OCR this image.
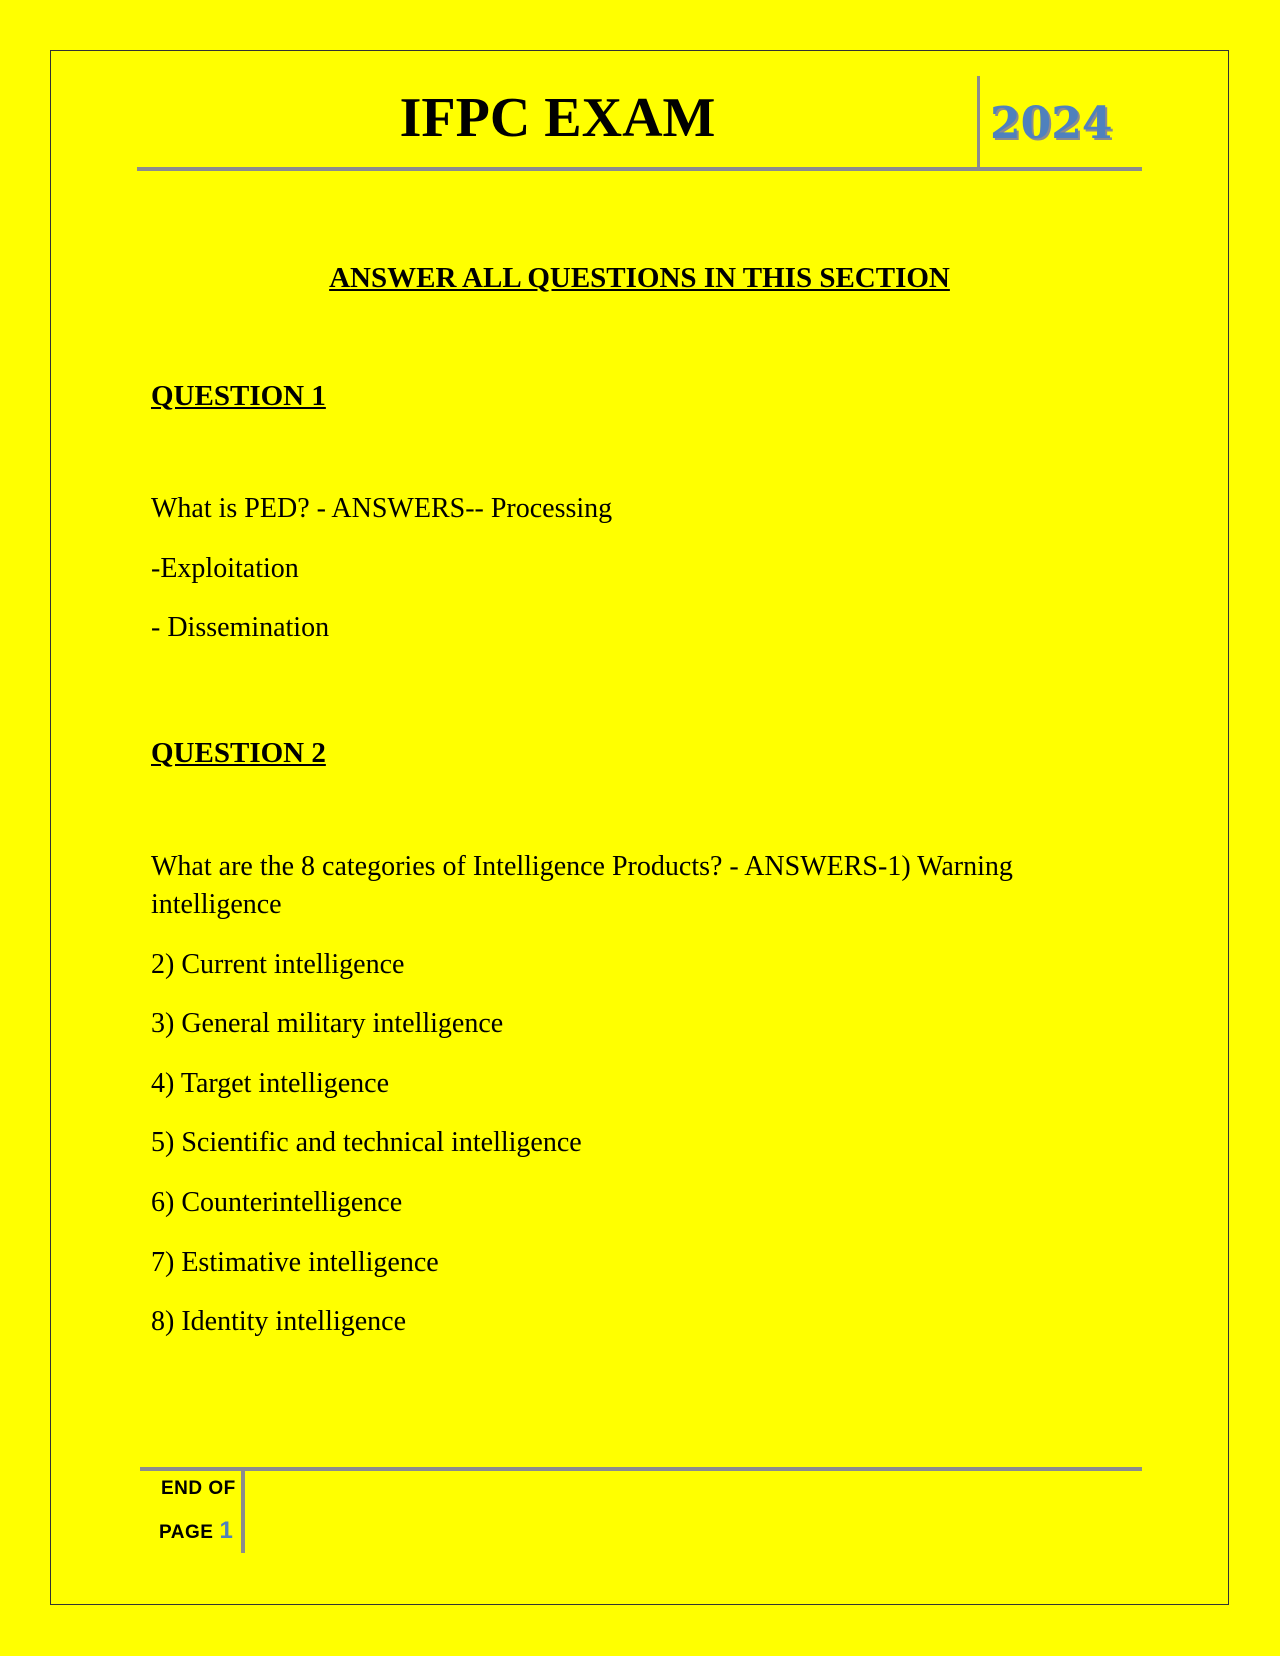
IFPC EXAM	2024
ANSWER ALL QUESTIONS IN THIS SECTION
QUESTION 1

What is PED? - ANSWERS-- Processing

-Exploitation

- Dissemination

QUESTION 2

What are the 8 categories of Intelligence Products? - ANSWERS-1) Warning intelligence

2) Current intelligence

3) General military intelligence

4) Target intelligence

5) Scientific and technical intelligence

6) Counterintelligence

7) Estimative intelligence

8) Identity intelligence

END OF
PAGE 1
